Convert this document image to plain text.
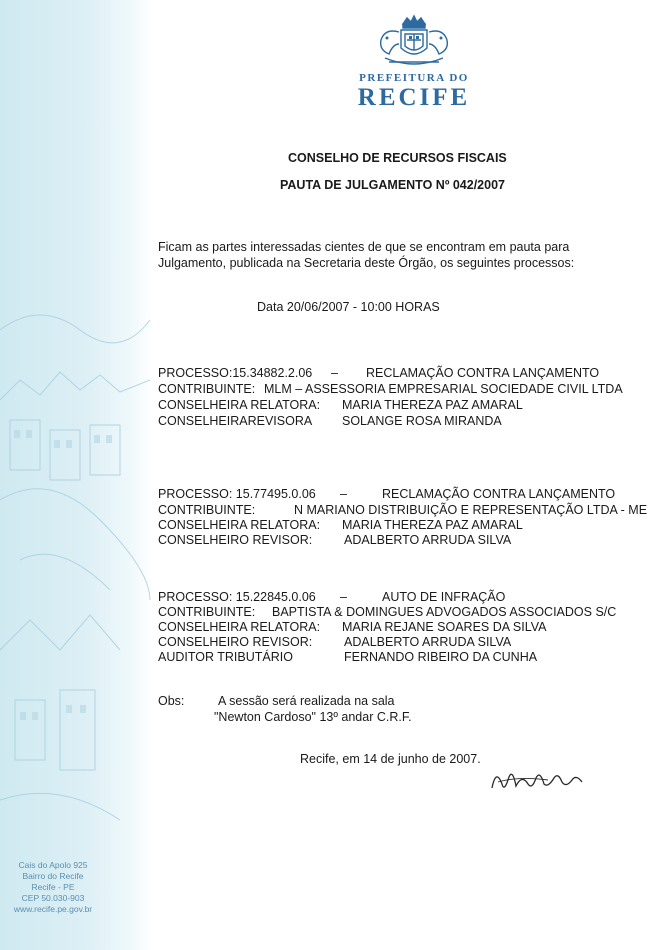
Cais do Apolo 925
Bairro do Recife
Recife - PE
CEP 50.030-903
www.recife.pe.gov.br
PREFEITURA DO
RECIFE
CONSELHO DE RECURSOS FISCAIS
PAUTA DE JULGAMENTO Nº 042/2007
Ficam as partes interessadas cientes de que se encontram em pauta para
Julgamento, publicada na Secretaria deste Órgão, os seguintes processos:
Data 20/06/2007 - 10:00 HORAS
PROCESSO:15.34882.2.06 – RECLAMAÇÃO CONTRA LANÇAMENTO
CONTRIBUINTE: MLM – ASSESSORIA EMPRESARIAL SOCIEDADE CIVIL LTDA
CONSELHEIRA RELATORA: MARIA THEREZA PAZ AMARAL
CONSELHEIRAREVISORA SOLANGE ROSA MIRANDA
PROCESSO: 15.77495.0.06 –	RECLAMAÇÃO CONTRA LANÇAMENTO
CONTRIBUINTE:	N MARIANO DISTRIBUIÇÃO E REPRESENTAÇÃO LTDA - ME
CONSELHEIRA RELATORA: MARIA THEREZA PAZ AMARAL
CONSELHEIRO REVISOR:	ADALBERTO ARRUDA SILVA
PROCESSO: 15.22845.0.06 –	AUTO DE INFRAÇÃO
CONTRIBUINTE: BAPTISTA & DOMINGUES ADVOGADOS ASSOCIADOS S/C
CONSELHEIRA RELATORA: MARIA REJANE SOARES DA SILVA
CONSELHEIRO REVISOR:	ADALBERTO ARRUDA SILVA
AUDITOR TRIBUTÁRIO	FERNANDO RIBEIRO DA CUNHA
Obs:	A sessão será realizada na sala
"Newton Cardoso" 13º andar C.R.F.
Recife, em 14 de junho de 2007.
